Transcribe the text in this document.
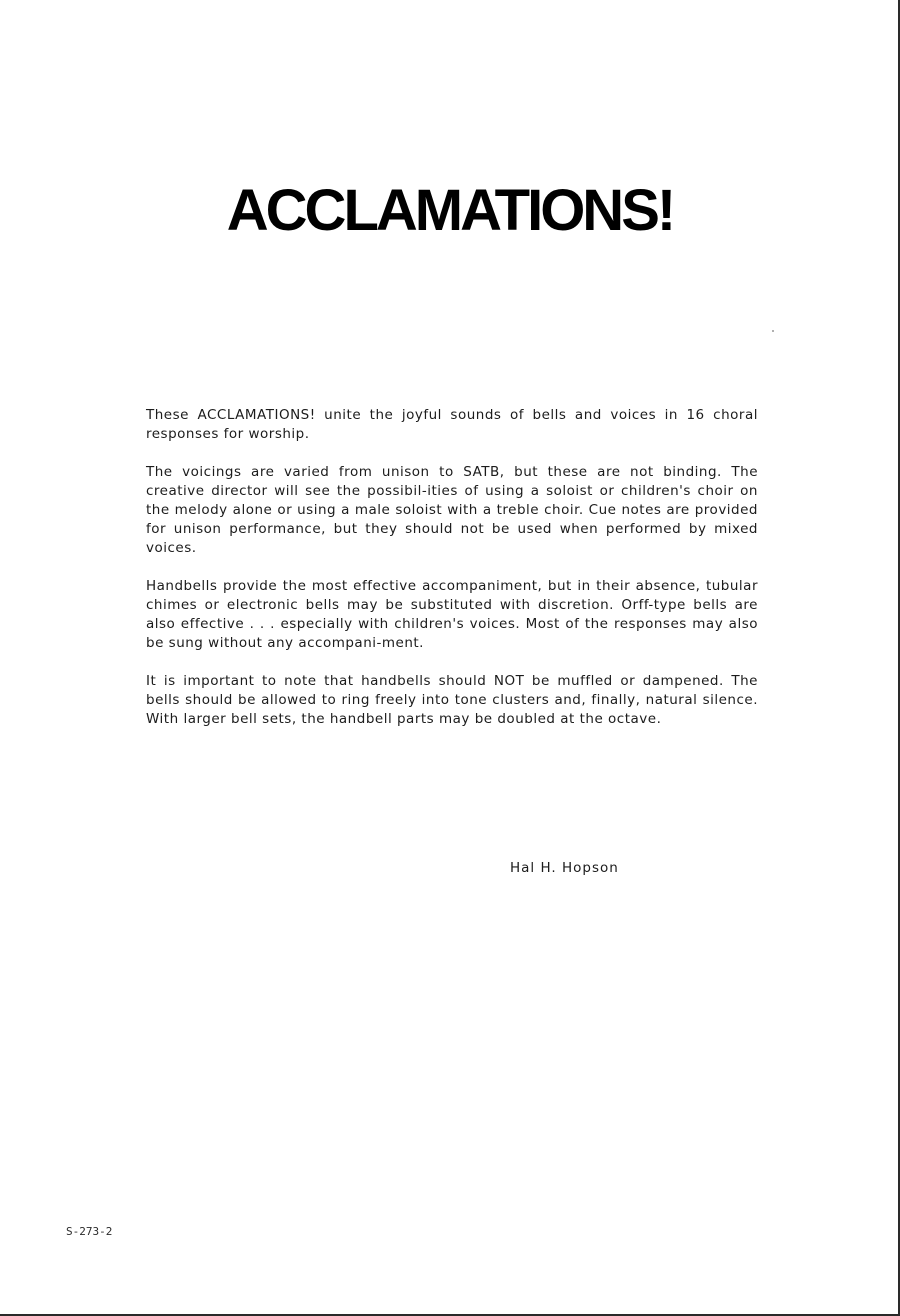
ACCLAMATIONS!

These ACCLAMATIONS! unite the joyful sounds of bells and voices in 16 choral responses for worship.

The voicings are varied from unison to SATB, but these are not binding. The creative director will see the possibil-ities of using a soloist or children's choir on the melody alone or using a male soloist with a treble choir. Cue notes are provided for unison performance, but they should not be used when performed by mixed voices.

Handbells provide the most effective accompaniment, but in their absence, tubular chimes or electronic bells may be substituted with discretion. Orff-type bells are also effective . . . especially with children's voices. Most of the responses may also be sung without any accompani-ment.

It is important to note that handbells should NOT be muffled or dampened. The bells should be allowed to ring freely into tone clusters and, finally, natural silence. With larger bell sets, the handbell parts may be doubled at the octave.

Hal H. Hopson
S-273-2
